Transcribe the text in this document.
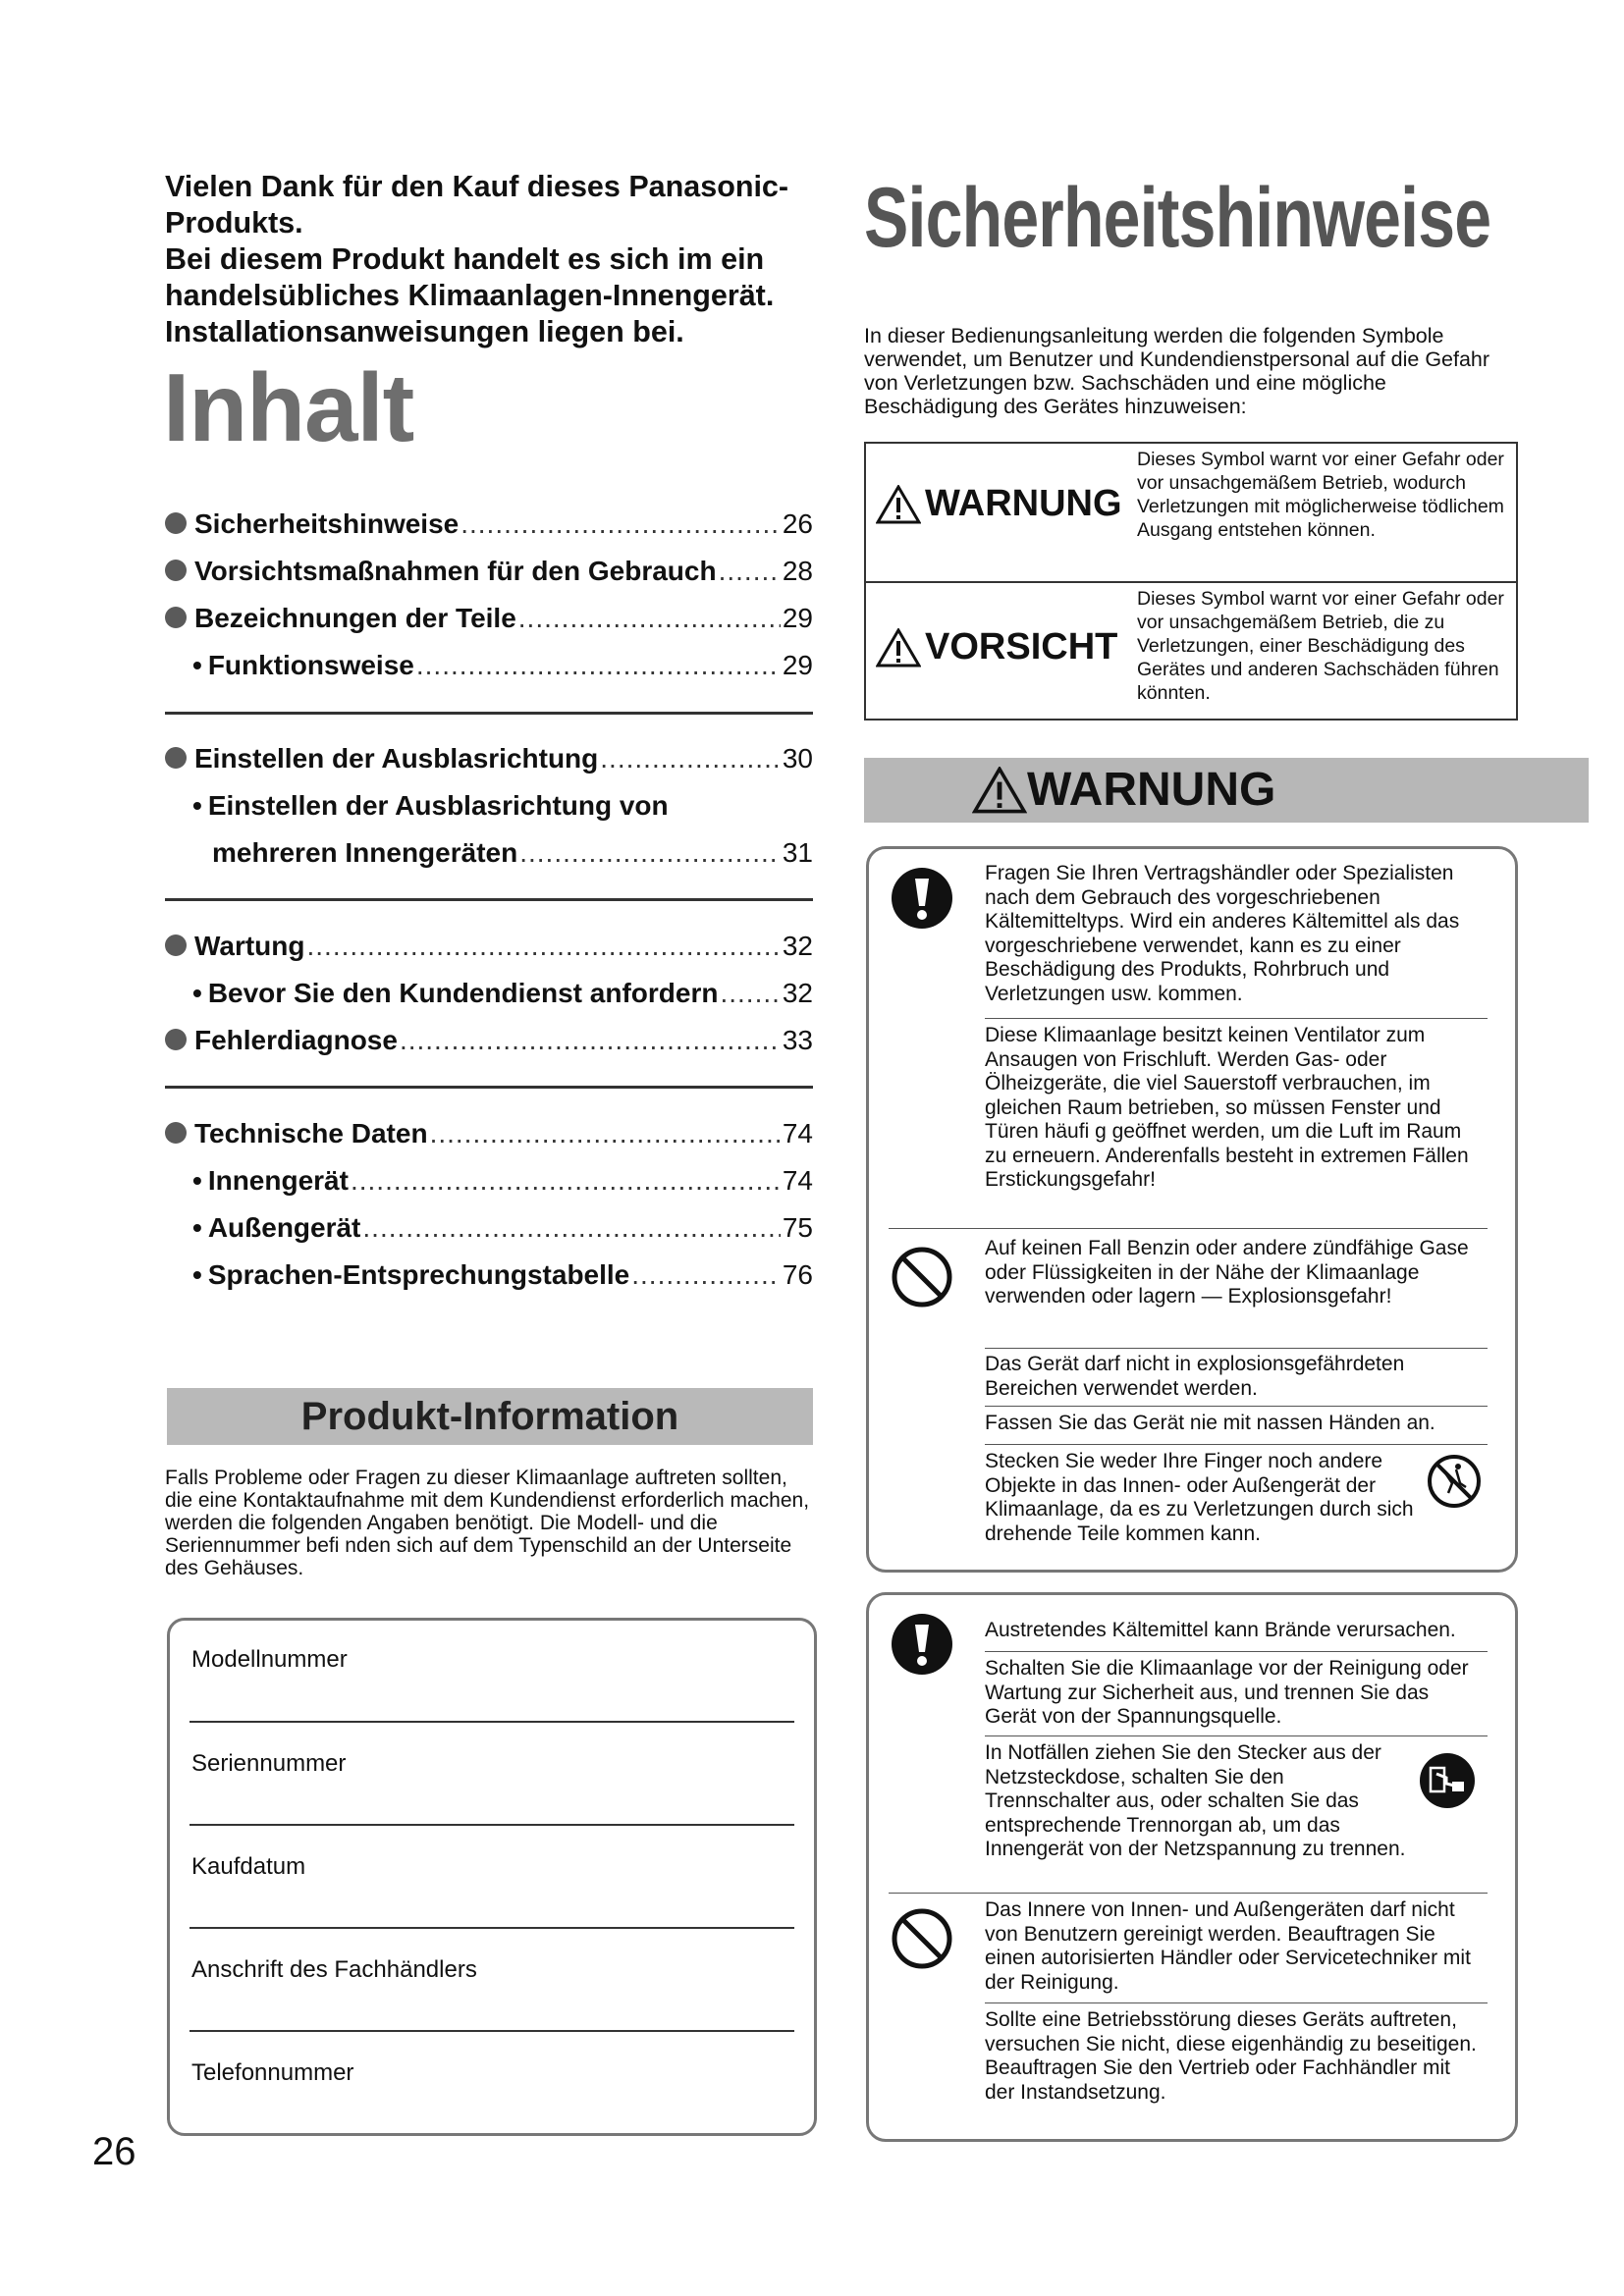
Vielen Dank für den Kauf dieses Panasonic-
Produkts.
Bei diesem Produkt handelt es sich im ein
handelsübliches Klimaanlagen-Innengerät.
Installationsanweisungen liegen bei.
Inhalt
Sicherheitshinweise .....	26
Vorsichtsmaßnahmen für den Gebrauch ..... 28
Bezeichnungen der Teile .....	29
• Funktionsweise .....	29
Einstellen der Ausblasrichtung .....	30
• Einstellen der Ausblasrichtung von
mehreren Innengeräten .....	31
Wartung .....	32
• Bevor Sie den Kundendienst anfordern ..... 32
Fehlerdiagnose .....	33
Technische Daten .....	74
• Innengerät .....	74
• Außengerät .....	75
• Sprachen-Entsprechungstabelle .....	76
Produkt-Information
Falls Probleme oder Fragen zu dieser Klimaanlage auftreten sollten, die eine Kontaktaufnahme mit dem Kundendienst erforderlich machen, werden die folgenden Angaben benötigt. Die Modell- und die Seriennummer befi nden sich auf dem Typenschild an der Unterseite des Gehäuses.
Modellnummer
Seriennummer
Kaufdatum
Anschrift des Fachhändlers
Telefonnummer
26
Sicherheitshinweise
In dieser Bedienungsanleitung werden die folgenden Symbole verwendet, um Benutzer und Kundendienstpersonal auf die Gefahr von Verletzungen bzw. Sachschäden und eine mögliche Beschädigung des Gerätes hinzuweisen:
WARNUNG
Dieses Symbol warnt vor einer Gefahr oder vor unsachgemäßem Betrieb, wodurch Verletzungen mit möglicherweise tödlichem Ausgang entstehen können.
VORSICHT
Dieses Symbol warnt vor einer Gefahr oder vor unsachgemäßem Betrieb, die zu Verletzungen, einer Beschädigung des Gerätes und anderen Sachschäden führen könnten.
WARNUNG
Fragen Sie Ihren Vertragshändler oder Spezialisten nach dem Gebrauch des vorgeschriebenen Kältemitteltyps. Wird ein anderes Kältemittel als das vorgeschriebene verwendet, kann es zu einer Beschädigung des Produkts, Rohrbruch und Verletzungen usw. kommen.
Diese Klimaanlage besitzt keinen Ventilator zum Ansaugen von Frischluft. Werden Gas- oder Ölheizgeräte, die viel Sauerstoff verbrauchen, im gleichen Raum betrieben, so müssen Fenster und Türen häufi g geöffnet werden, um die Luft im Raum zu erneuern. Anderenfalls besteht in extremen Fällen Erstickungsgefahr!
Auf keinen Fall Benzin oder andere zündfähige Gase oder Flüssigkeiten in der Nähe der Klimaanlage verwenden oder lagern — Explosionsgefahr!
Das Gerät darf nicht in explosionsgefährdeten Bereichen verwendet werden.
Fassen Sie das Gerät nie mit nassen Händen an.
Stecken Sie weder Ihre Finger noch andere Objekte in das Innen- oder Außengerät der Klimaanlage, da es zu Verletzungen durch sich drehende Teile kommen kann.
Austretendes Kältemittel kann Brände verursachen.
Schalten Sie die Klimaanlage vor der Reinigung oder Wartung zur Sicherheit aus, und trennen Sie das Gerät von der Spannungsquelle.
In Notfällen ziehen Sie den Stecker aus der Netzsteckdose, schalten Sie den Trennschalter aus, oder schalten Sie das entsprechende Trennorgan ab, um das Innengerät von der Netzspannung zu trennen.
Das Innere von Innen- und Außengeräten darf nicht von Benutzern gereinigt werden. Beauftragen Sie einen autorisierten Händler oder Servicetechniker mit der Reinigung.
Sollte eine Betriebsstörung dieses Geräts auftreten, versuchen Sie nicht, diese eigenhändig zu beseitigen. Beauftragen Sie den Vertrieb oder Fachhändler mit der Instandsetzung.
